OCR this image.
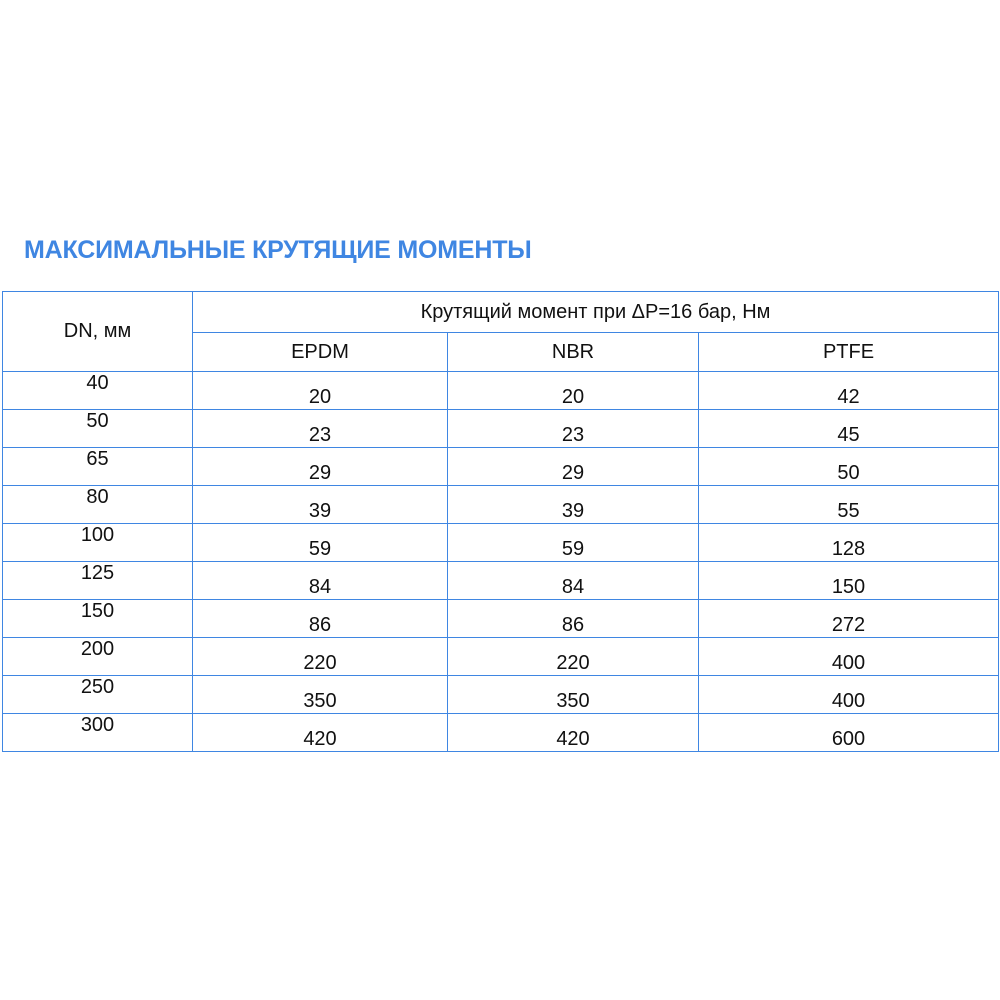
МАКСИМАЛЬНЫЕ КРУТЯЩИЕ МОМЕНТЫ
DN, мм	Крутящий момент при ΔР=16 бар, Нм		
	EPDM	NBR	PTFE
40	20	20	42
50	23	23	45
65	29	29	50
80	39	39	55
100	59	59	128
125	84	84	150
150	86	86	272
200	220	220	400
250	350	350	400
300	420	420	600
